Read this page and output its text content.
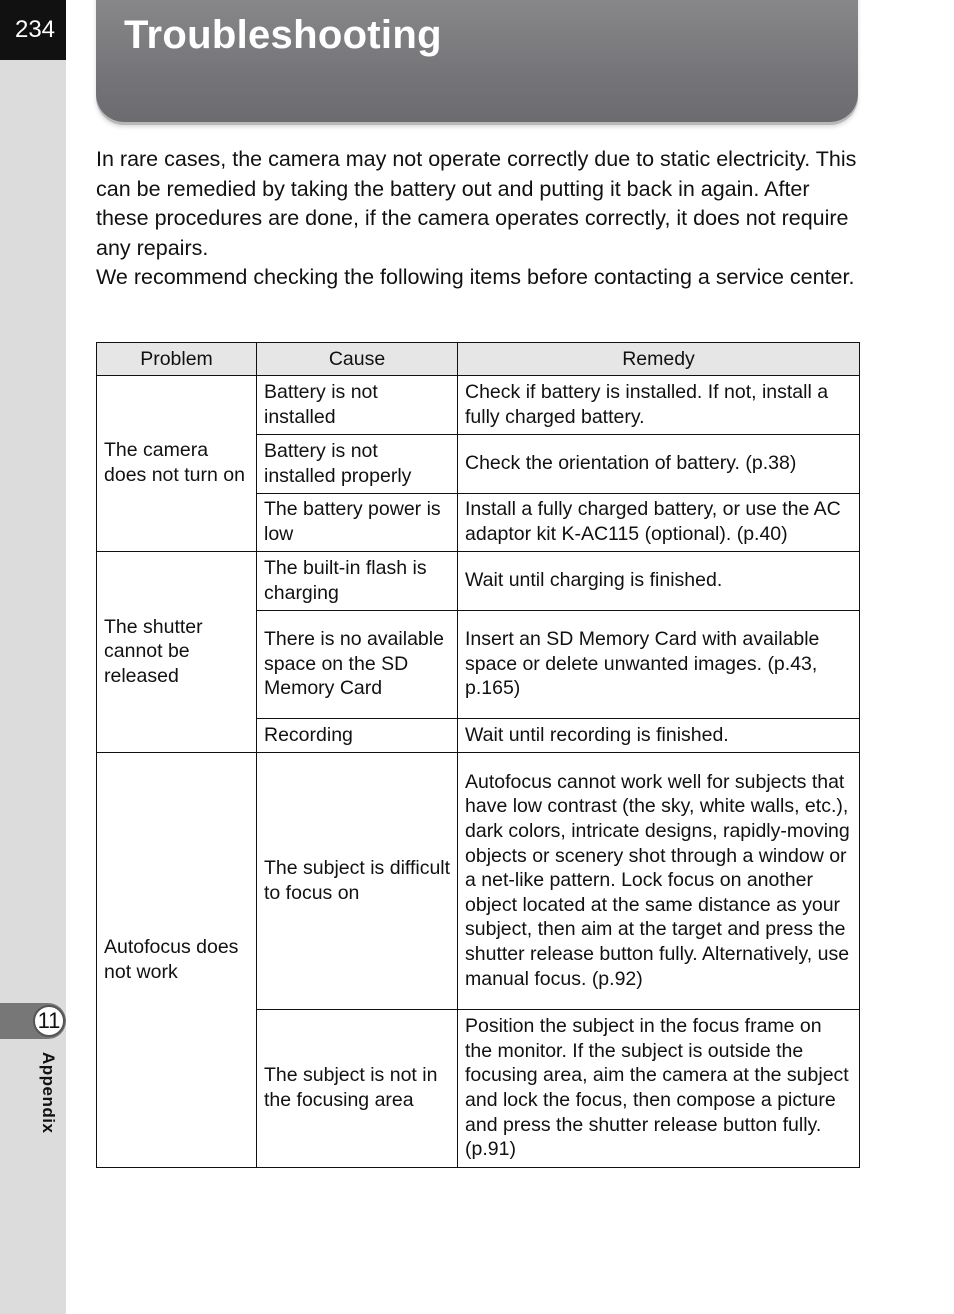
234
11
Appendix
Troubleshooting

In rare cases, the camera may not operate correctly due to static electricity. This can be remedied by taking the battery out and putting it back in again. After these procedures are done, if the camera operates correctly, it does not require any repairs.

We recommend checking the following items before contacting a service center.

Problem	Cause	Remedy
The camera does not turn on	Battery is not installed	Check if battery is installed. If not, install a fully charged battery.
	Battery is not installed properly	Check the orientation of battery. (p.38)
	The battery power is low	Install a fully charged battery, or use the AC adaptor kit K-AC115 (optional). (p.40)
The shutter cannot be released	The built-in flash is charging	Wait until charging is finished.
	There is no available space on the SD Memory Card	Insert an SD Memory Card with available space or delete unwanted images. (p.43, p.165)
	Recording	Wait until recording is finished.
Autofocus does not work	The subject is difficult to focus on	Autofocus cannot work well for subjects that have low contrast (the sky, white walls, etc.), dark colors, intricate designs, rapidly-moving objects or scenery shot through a window or a net-like pattern. Lock focus on another object located at the same distance as your subject, then aim at the target and press the shutter release button fully. Alternatively, use manual focus. (p.92)
	The subject is not in the focusing area	Position the subject in the focus frame on the monitor. If the subject is outside the focusing area, aim the camera at the subject and lock the focus, then compose a picture and press the shutter release button fully. (p.91)
